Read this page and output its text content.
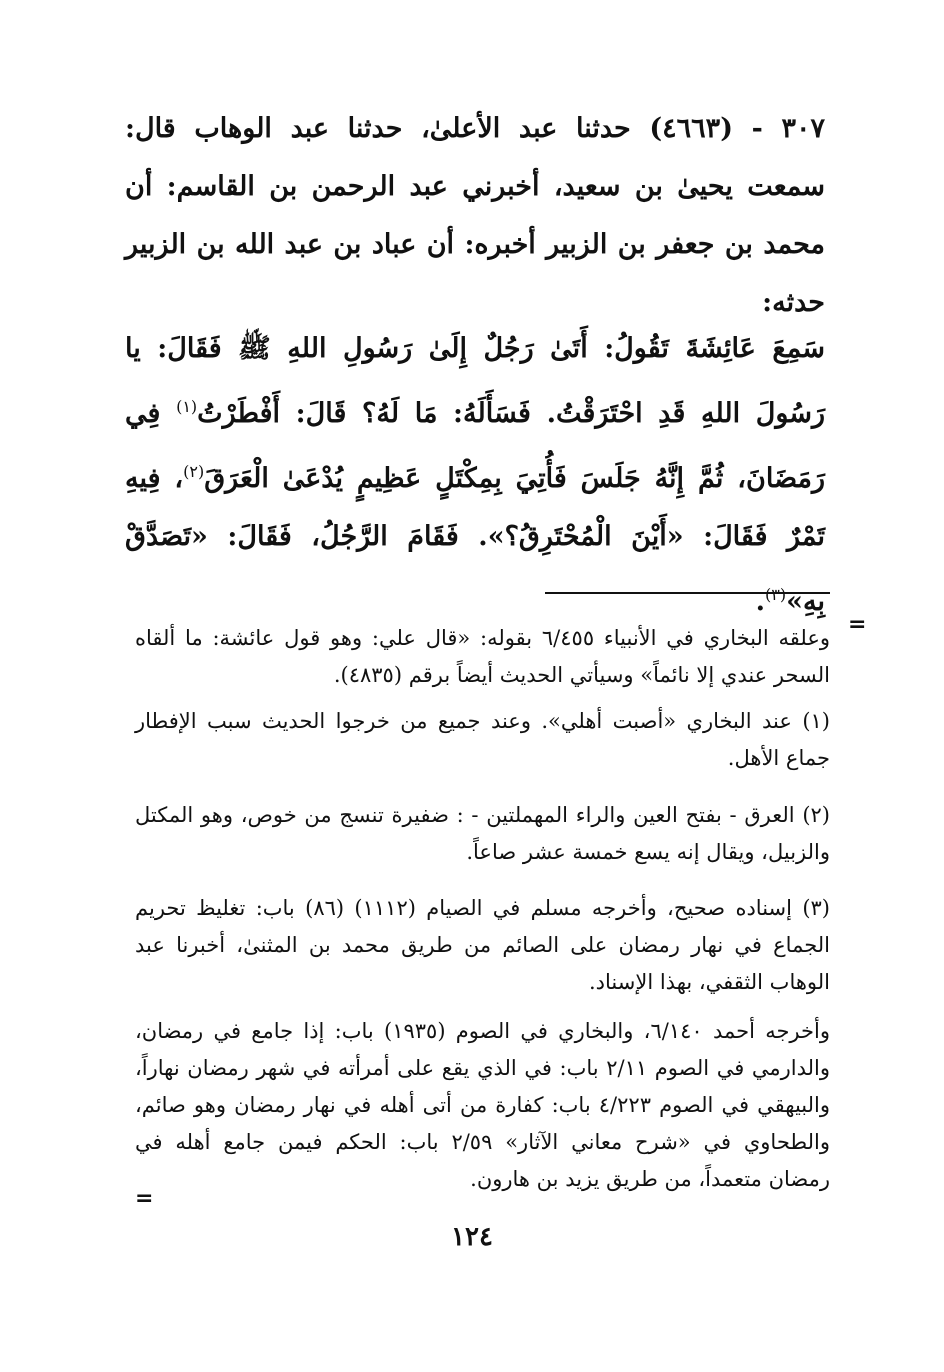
٣٠٧ - (٤٦٦٣) حدثنا عبد الأعلىٰ، حدثنا عبد الوهاب قال: سمعت يحيىٰ بن سعيد، أخبرني عبد الرحمن بن القاسم: أن محمد بن جعفر بن الزبير أخبره: أن عباد بن عبد الله بن الزبير حدثه:
سَمِعَ عَائِشَةَ تَقُولُ: أَتَىٰ رَجُلٌ إِلَىٰ رَسُولِ اللهِ ﷺ فَقَالَ: يا رَسُولَ اللهِ قَدِ احْتَرَقْتُ. فَسَأَلَهُ: مَا لَهُ؟ قَالَ: أَفْطَرْتُ$^{(١)}$ فِي رَمَضَانَ، ثُمَّ إِنَّهُ جَلَسَ فَأُتِيَ بِمِكْتَلٍ عَظِيمٍ يُدْعَىٰ الْعَرَقَ$^{(٢)}$، فِيهِ تَمْرٌ فَقَالَ: «أَيْنَ الْمُحْتَرِقُ؟». فَقَامَ الرَّجُلُ، فَقَالَ: «تَصَدَّقْ بِهِ»$^{(٣)}$.
=
وعلقه البخاري في الأنبياء ٦/٤٥٥ بقوله: «قال علي: وهو قول عائشة: ما ألقاه السحر عندي إلا نائماً» وسيأتي الحديث أيضاً برقم (٤٨٣٥).
(١) عند البخاري «أصبت أهلي». وعند جميع من خرجوا الحديث سبب الإفطار جماع الأهل.
(٢) العرق - بفتح العين والراء المهملتين - : ضفيرة تنسج من خوص، وهو المكتل والزبيل، ويقال إنه يسع خمسة عشر صاعاً.
(٣) إسناده صحيح، وأخرجه مسلم في الصيام (١١١٢) (٨٦) باب: تغليظ تحريم الجماع في نهار رمضان على الصائم من طريق محمد بن المثنىٰ، أخبرنا عبد الوهاب الثقفي، بهذا الإسناد.
وأخرجه أحمد ٦/١٤٠، والبخاري في الصوم (١٩٣٥) باب: إذا جامع في رمضان، والدارمي في الصوم ٢/١١ باب: في الذي يقع على أمرأته في شهر رمضان نهاراً، والبيهقي في الصوم ٤/٢٢٣ باب: كفارة من أتى أهله في نهار رمضان وهو صائم، والطحاوي في «شرح معاني الآثار» ٢/٥٩ باب: الحكم فيمن جامع أهله في رمضان متعمداً، من طريق يزيد بن هارون.
=
١٢٤
